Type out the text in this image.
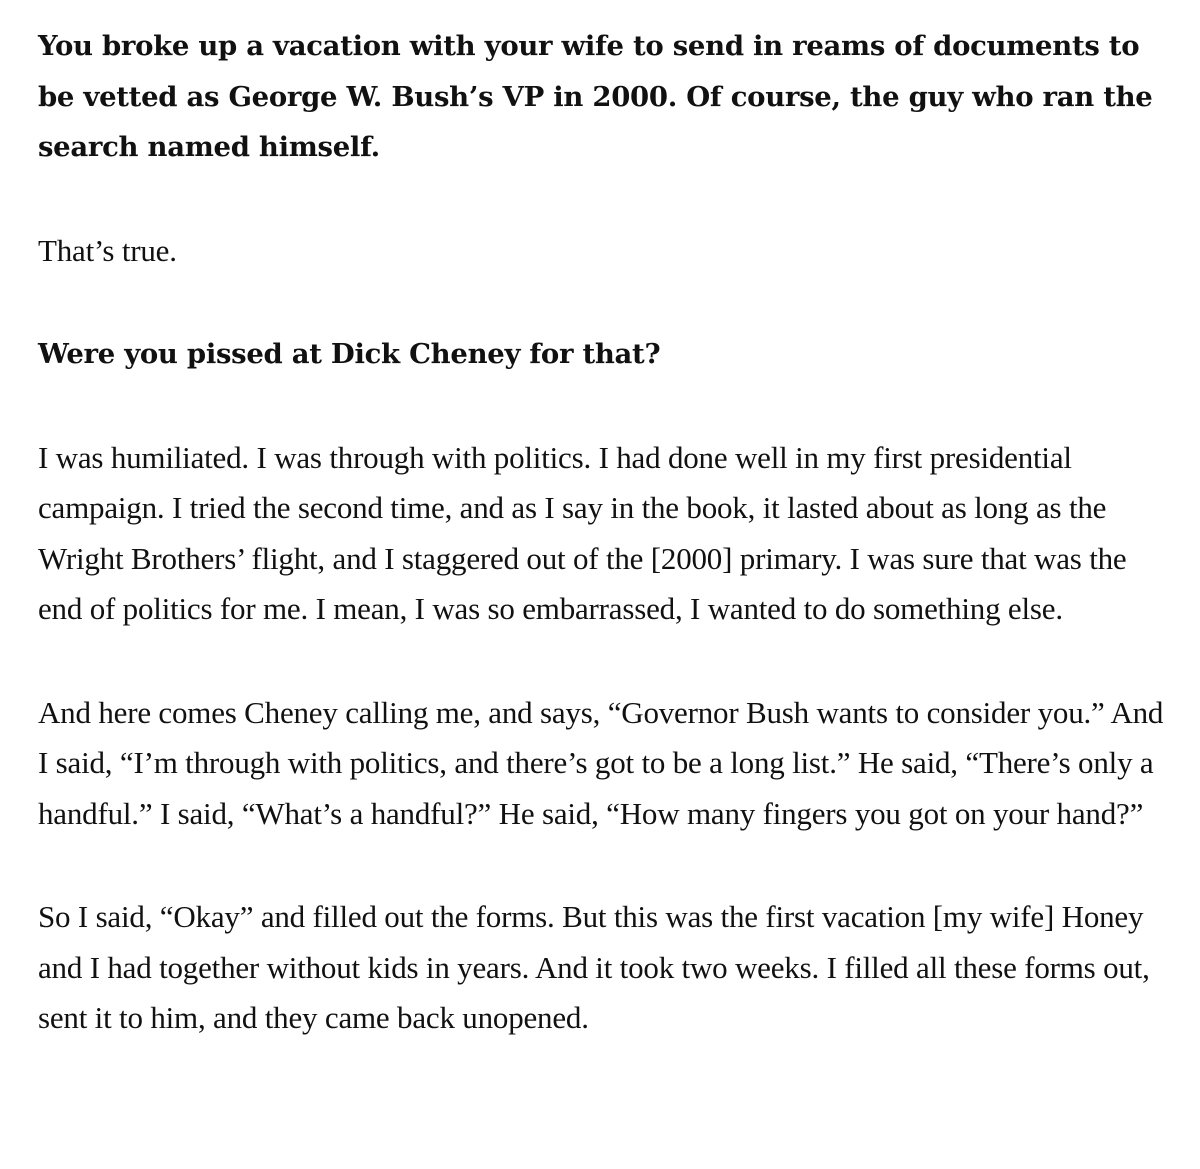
You broke up a vacation with your wife to send in reams of documents to be vetted as George W. Bush’s VP in 2000. Of course, the guy who ran the search named himself.

That’s true.

Were you pissed at Dick Cheney for that?

I was humiliated. I was through with politics. I had done well in my first presidential campaign. I tried the second time, and as I say in the book, it lasted about as long as the Wright Brothers’ flight, and I staggered out of the [2000] primary. I was sure that was the end of politics for me. I mean, I was so embarrassed, I wanted to do something else.

And here comes Cheney calling me, and says, “Governor Bush wants to consider you.” And I said, “I’m through with politics, and there’s got to be a long list.” He said, “There’s only a handful.” I said, “What’s a handful?” He said, “How many fingers you got on your hand?”

So I said, “Okay” and filled out the forms. But this was the first vacation [my wife] Honey and I had together without kids in years. And it took two weeks. I filled all these forms out, sent it to him, and they came back unopened.
